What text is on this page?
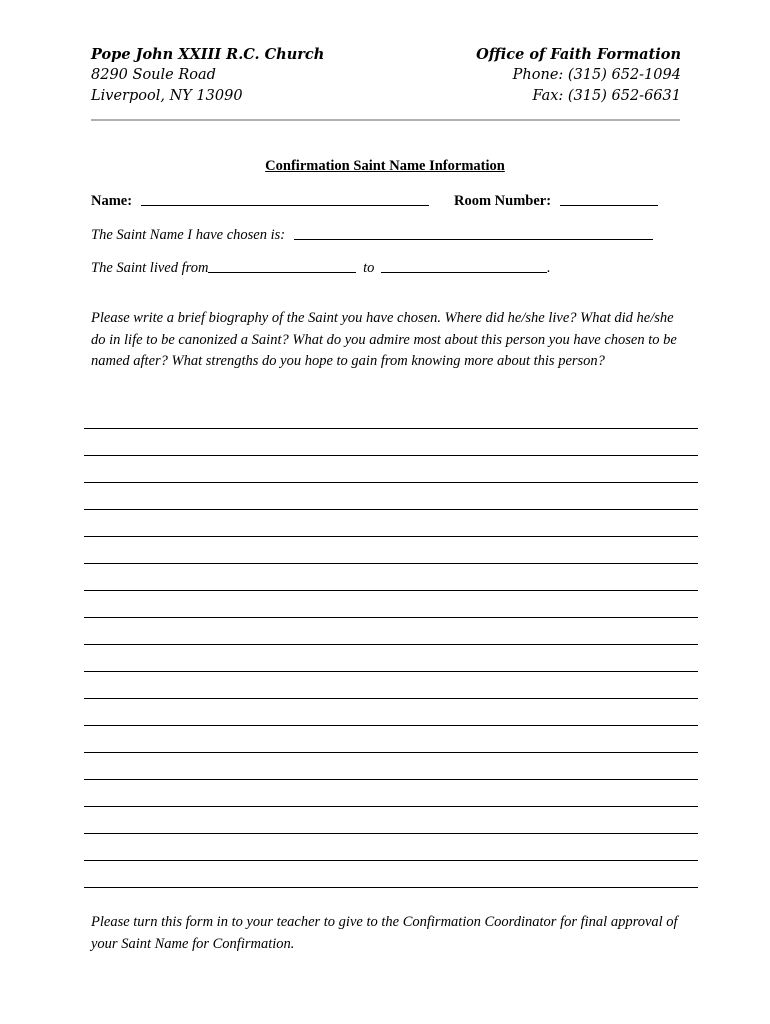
Pope John XXIII R.C. Church
8290 Soule Road
Liverpool, NY 13090
Office of Faith Formation
Phone: (315) 652-1094
Fax: (315) 652-6631
Confirmation Saint Name Information
Name:	Room Number:
The Saint Name I have chosen is:
The Saint lived from	to	.
Please write a brief biography of the Saint you have chosen. Where did he/she live? What did he/she do in life to be canonized a Saint? What do you admire most about this person you have chosen to be named after? What strengths do you hope to gain from knowing more about this person?
Please turn this form in to your teacher to give to the Confirmation Coordinator for final approval of your Saint Name for Confirmation.
